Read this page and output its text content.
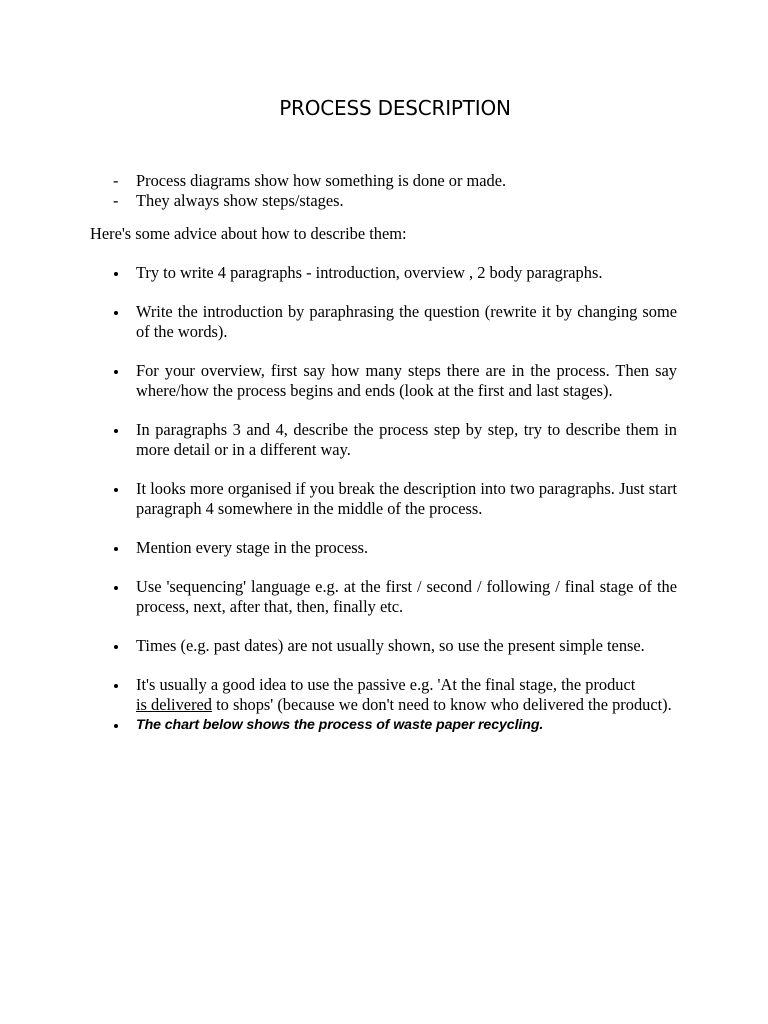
PROCESS DESCRIPTION
- Process diagrams show how something is done or made.
- They always show steps/stages.

Here's some advice about how to describe them:

Try to write 4 paragraphs - introduction, overview , 2 body paragraphs.

Write the introduction by paraphrasing the question (rewrite it by changing some of the words).

For your overview, first say how many steps there are in the process. Then say where/how the process begins and ends (look at the first and last stages).

In paragraphs 3 and 4, describe the process step by step, try to describe them in more detail or in a different way.

It looks more organised if you break the description into two paragraphs. Just start paragraph 4 somewhere in the middle of the process.

Mention every stage in the process.

Use 'sequencing' language e.g. at the first / second / following / final stage of the process, next, after that, then, finally etc.

Times (e.g. past dates) are not usually shown, so use the present simple tense.

It's usually a good idea to use the passive e.g. 'At the final stage, the product
is delivered to shops' (because we don't need to know who delivered the product).

The chart below shows the process of waste paper recycling.
